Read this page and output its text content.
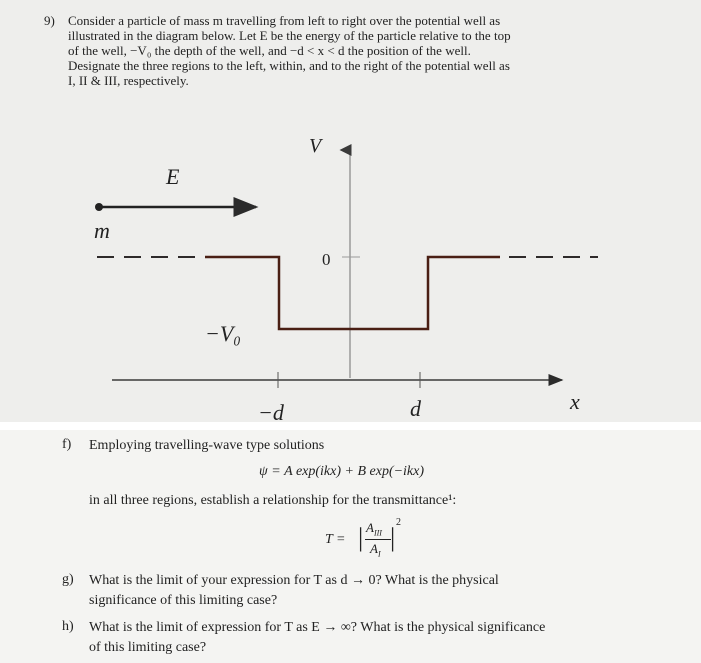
9) Consider a particle of mass m travelling from left to right over the potential well as
illustrated in the diagram below. Let E be the energy of the particle relative to the top
of the well, −V₀ the depth of the well, and −d < x < d the position of the well.
Designate the three regions to the left, within, and to the right of the potential well as
I, II & III, respectively.
V
x
−d	d
0
−V₀
E
m
f) Employing travelling-wave type solutions
ψ = A exp(ikx) + B exp(−ikx)
in all three regions, establish a relationship for the transmittance¹:
T = | $A_{III}$
$A_I$
|
2
g) What is the limit of your expression for T as d → 0? What is the physical
significance of this limiting case?
h) What is the limit of expression for T as E → ∞? What is the physical significance
of this limiting case?
